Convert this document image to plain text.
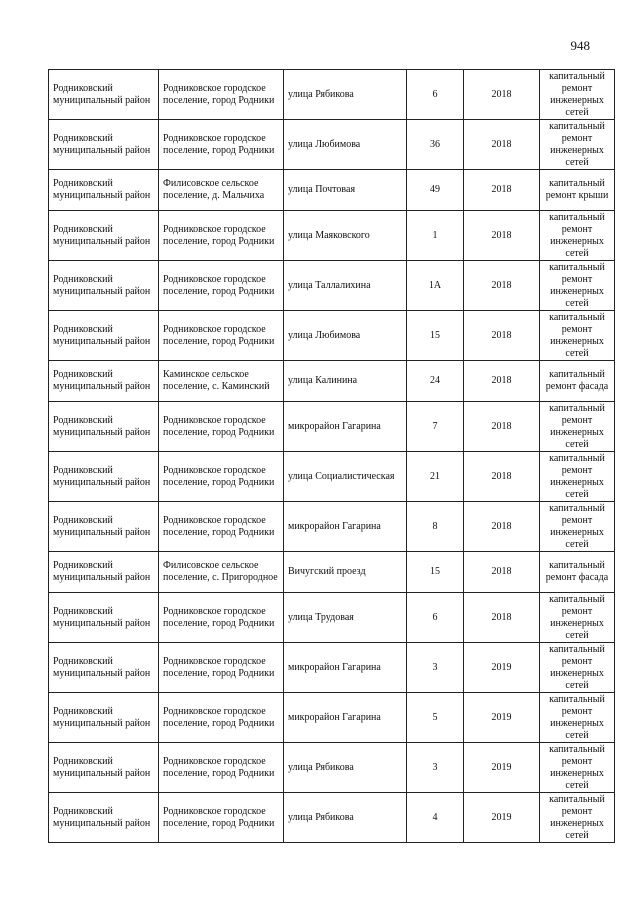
948
Родниковский муниципальный район	Родниковское городское поселение, город Родники	улица Рябикова	6	2018	капитальный ремонт инженерных сетей
Родниковский муниципальный район	Родниковское городское поселение, город Родники	улица Любимова	36	2018	капитальный ремонт инженерных сетей
Родниковский муниципальный район	Филисовское сельское поселение, д. Мальчиха	улица Почтовая	49	2018	капитальный ремонт крыши
Родниковский муниципальный район	Родниковское городское поселение, город Родники	улица Маяковского	1	2018	капитальный ремонт инженерных сетей
Родниковский муниципальный район	Родниковское городское поселение, город Родники	улица Таллалихина	1А	2018	капитальный ремонт инженерных сетей
Родниковский муниципальный район	Родниковское городское поселение, город Родники	улица Любимова	15	2018	капитальный ремонт инженерных сетей
Родниковский муниципальный район	Каминское сельское поселение, с. Каминский	улица Калинина	24	2018	капитальный ремонт фасада
Родниковский муниципальный район	Родниковское городское поселение, город Родники	микрорайон Гагарина	7	2018	капитальный ремонт инженерных сетей
Родниковский муниципальный район	Родниковское городское поселение, город Родники	улица Социалистическая	21	2018	капитальный ремонт инженерных сетей
Родниковский муниципальный район	Родниковское городское поселение, город Родники	микрорайон Гагарина	8	2018	капитальный ремонт инженерных сетей
Родниковский муниципальный район	Филисовское сельское поселение, с. Пригородное	Вичугский проезд	15	2018	капитальный ремонт фасада
Родниковский муниципальный район	Родниковское городское поселение, город Родники	улица Трудовая	6	2018	капитальный ремонт инженерных сетей
Родниковский муниципальный район	Родниковское городское поселение, город Родники	микрорайон Гагарина	3	2019	капитальный ремонт инженерных сетей
Родниковский муниципальный район	Родниковское городское поселение, город Родники	микрорайон Гагарина	5	2019	капитальный ремонт инженерных сетей
Родниковский муниципальный район	Родниковское городское поселение, город Родники	улица Рябикова	3	2019	капитальный ремонт инженерных сетей
Родниковский муниципальный район	Родниковское городское поселение, город Родники	улица Рябикова	4	2019	капитальный ремонт инженерных сетей
